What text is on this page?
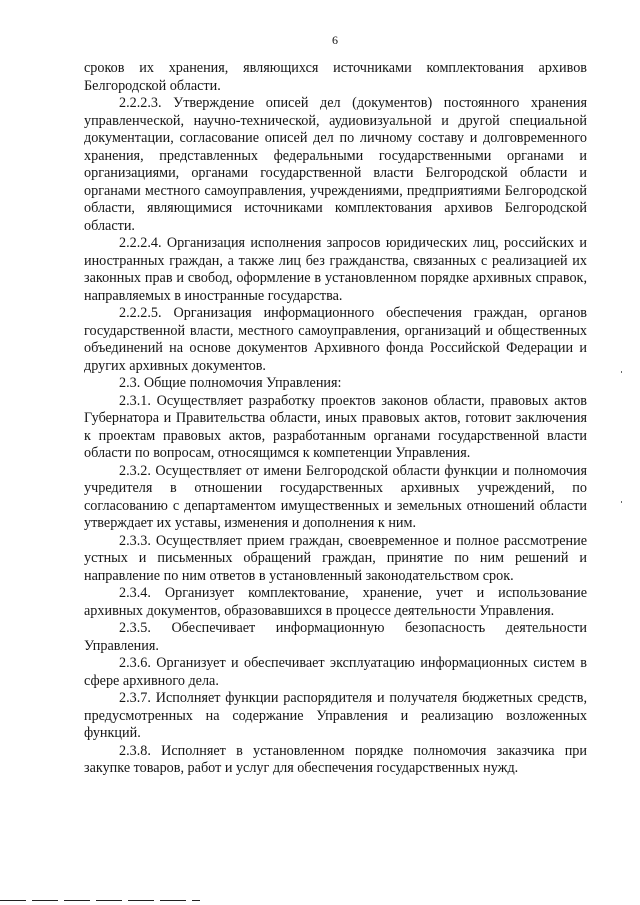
6

сроков их хранения, являющихся источниками комплектования архивов Белгородской области.

2.2.2.3. Утверждение описей дел (документов) постоянного хранения управленческой, научно-технической, аудиовизуальной и другой специальной документации, согласование описей дел по личному составу и долговременного хранения, представленных федеральными государственными органами и организациями, органами государственной власти Белгородской области и органами местного самоуправления, учреждениями, предприятиями Белгородской области, являющимися источниками комплектования архивов Белгородской области.

2.2.2.4. Организация исполнения запросов юридических лиц, российских и иностранных граждан, а также лиц без гражданства, связанных с реализацией их законных прав и свобод, оформление в установленном порядке архивных справок, направляемых в иностранные государства.

2.2.2.5. Организация информационного обеспечения граждан, органов государственной власти, местного самоуправления, организаций и общественных объединений на основе документов Архивного фонда Российской Федерации и других архивных документов.

2.3. Общие полномочия Управления:

2.3.1. Осуществляет разработку проектов законов области, правовых актов Губернатора и Правительства области, иных правовых актов, готовит заключения к проектам правовых актов, разработанным органами государственной власти области по вопросам, относящимся к компетенции Управления.

2.3.2. Осуществляет от имени Белгородской области функции и полномочия учредителя в отношении государственных архивных учреждений, по согласованию с департаментом имущественных и земельных отношений области утверждает их уставы, изменения и дополнения к ним.

2.3.3. Осуществляет прием граждан, своевременное и полное рассмотрение устных и письменных обращений граждан, принятие по ним решений и направление по ним ответов в установленный законодательством срок.

2.3.4. Организует комплектование, хранение, учет и использование архивных документов, образовавшихся в процессе деятельности Управления.

2.3.5. Обеспечивает информационную безопасность деятельности Управления.

2.3.6. Организует и обеспечивает эксплуатацию информационных систем в сфере архивного дела.

2.3.7. Исполняет функции распорядителя и получателя бюджетных средств, предусмотренных на содержание Управления и реализацию возложенных функций.

2.3.8. Исполняет в установленном порядке полномочия заказчика при закупке товаров, работ и услуг для обеспечения государственных нужд.
